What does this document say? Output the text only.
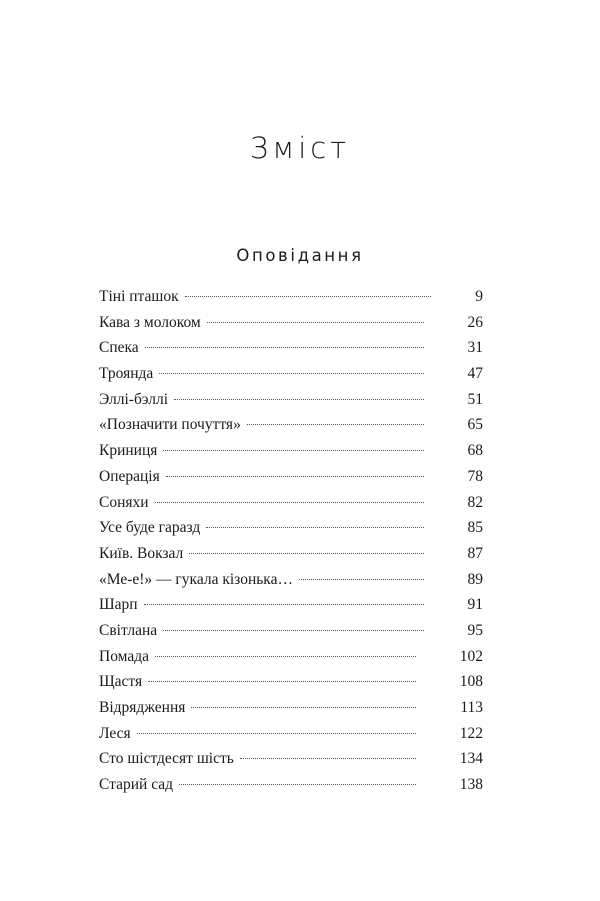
Зміст
Оповідання
Тіні пташок	9
Кава з молоком	26
Спека	31
Троянда	47
Эллі-бэллі	51
«Позначити почуття»	65
Криниця	68
Операція	78
Соняхи	82
Усе буде гаразд	85
Київ. Вокзал	87
«Ме-е!» — гукала кізонька…	89
Шарп	91
Світлана	95
Помада	102
Щастя	108
Відрядження	113
Леся	122
Сто шістдесят шість	134
Старий сад	138
